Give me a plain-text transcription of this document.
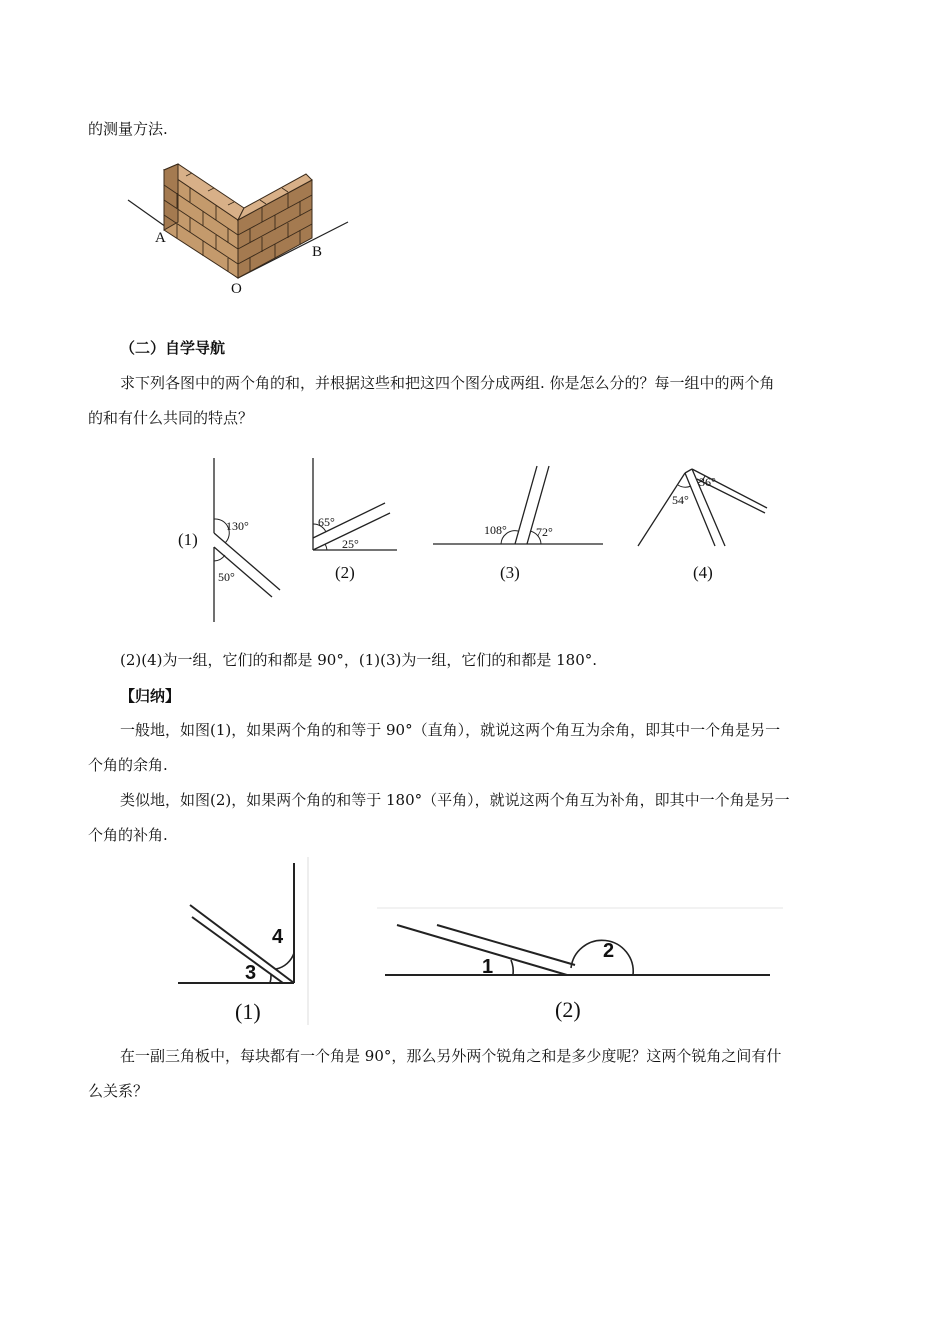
的测量方法.
A
B
O
（二）自学导航
求下列各图中的两个角的和，并根据这些和把这四个图分成两组. 你是怎么分的？每一组中的两个角
的和有什么共同的特点？
130°
50°
(1)
65°
25°
(2)
108° 72°
(3)
54°
36°
(4)
(2)(4)为一组，它们的和都是 90°，(1)(3)为一组，它们的和都是 180°.
【归纳】
一般地，如图(1)，如果两个角的和等于 90°（直角），就说这两个角互为余角，即其中一个角是另一
个角的余角.
类似地，如图(2)，如果两个角的和等于 180°（平角），就说这两个角互为补角，即其中一个角是另一
个角的补角.
4
3
(1)
1
2
(2)
在一副三角板中，每块都有一个角是 90°，那么另外两个锐角之和是多少度呢？这两个锐角之间有什
么关系？
